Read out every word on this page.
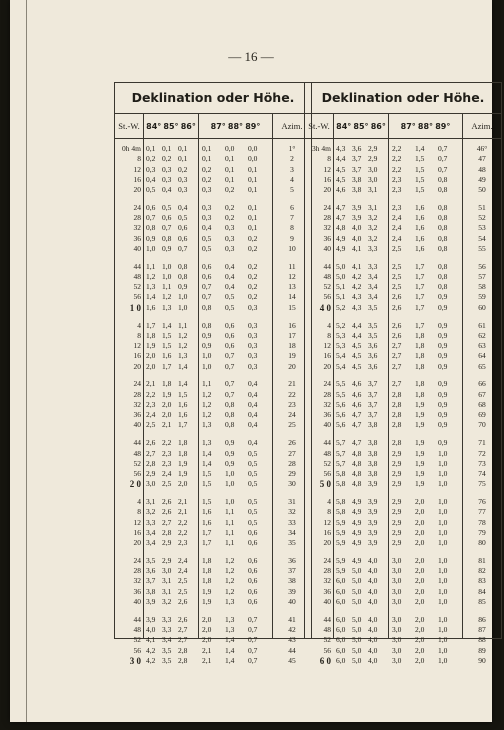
— 16 —
Deklination oder Höhe.
St.-W. 84° 85° 86°	87° 88° 89°	Azim.
0h 4m 0,1 0,1 0,1	0,1	0,0	0,0	1°
8 0,2 0,2 0,1	0,1	0,1	0,0	2
12 0,3 0,3 0,2	0,2	0,1	0,1	3
16 0,4 0,3 0,3	0,2	0,1	0,1	4
20 0,5 0,4 0,3	0,3	0,2	0,1	5
24 0,6 0,5 0,4	0,3	0,2	0,1	6
28 0,7 0,6 0,5	0,3	0,2	0,1	7
32 0,8 0,7 0,6	0,4	0,3	0,1	8
36 0,9 0,8 0,6	0,5	0,3	0,2	9
40 1,0 0,9 0,7	0,5	0,3	0,2	10
44 1,1 1,0 0,8	0,6	0,4	0,2	11
48 1,2 1,0 0,8	0,6	0,4	0,2	12
52 1,3 1,1 0,9	0,7	0,4	0,2	13
56 1,4 1,2 1,0	0,7	0,5	0,2	14
1 0 1,6 1,3 1,0	0,8	0,5	0,3	15
4 1,7 1,4 1,1	0,8	0,6	0,3	16
8 1,8 1,5 1,2	0,9	0,6	0,3	17
12 1,9 1,5 1,2	0,9	0,6	0,3	18
16 2,0 1,6 1,3	1,0	0,7	0,3	19
20 2,0 1,7 1,4	1,0	0,7	0,3	20
24 2,1 1,8 1,4	1,1	0,7	0,4	21
28 2,2 1,9 1,5	1,2	0,7	0,4	22
32 2,3 2,0 1,6	1,2	0,8	0,4	23
36 2,4 2,0 1,6	1,2	0,8	0,4	24
40 2,5 2,1 1,7	1,3	0,8	0,4	25
44 2,6 2,2 1,8	1,3	0,9	0,4	26
48 2,7 2,3 1,8	1,4	0,9	0,5	27
52 2,8 2,3 1,9	1,4	0,9	0,5	28
56 2,9 2,4 1,9	1,5	1,0	0,5	29
2 0 3,0 2,5 2,0	1,5	1,0	0,5	30
4 3,1 2,6 2,1	1,5	1,0	0,5	31
8 3,2 2,6 2,1	1,6	1,1	0,5	32
12 3,3 2,7 2,2	1,6	1,1	0,5	33
16 3,4 2,8 2,2	1,7	1,1	0,6	34
20 3,4 2,9 2,3	1,7	1,1	0,6	35
24 3,5 2,9 2,4	1,8	1,2	0,6	36
28 3,6 3,0 2,4	1,8	1,2	0,6	37
32 3,7 3,1 2,5	1,8	1,2	0,6	38
36 3,8 3,1 2,5	1,9	1,2	0,6	39
40 3,9 3,2 2,6	1,9	1,3	0,6	40
44 3,9 3,3 2,6	2,0	1,3	0,7	41
48 4,0 3,3 2,7	2,0	1,3	0,7	42
52 4,1 3,4 2,7	2,0	1,4	0,7	43
56 4,2 3,5 2,8	2,1	1,4	0,7	44
3 0 4,2 3,5 2,8	2,1	1,4	0,7	45
Deklination oder Höhe.
St.-W. 84° 85° 86°	87° 88° 89°	Azim.
3h 4m 4,3 3,6 2,9	2,2	1,4	0,7	46°
8 4,4 3,7 2,9	2,2	1,5	0,7	47
12 4,5 3,7 3,0	2,2	1,5	0,7	48
16 4,5 3,8 3,0	2,3	1,5	0,8	49
20 4,6 3,8 3,1	2,3	1,5	0,8	50
24 4,7 3,9 3,1	2,3	1,6	0,8	51
28 4,7 3,9 3,2	2,4	1,6	0,8	52
32 4,8 4,0 3,2	2,4	1,6	0,8	53
36 4,9 4,0 3,2	2,4	1,6	0,8	54
40 4,9 4,1 3,3	2,5	1,6	0,8	55
44 5,0 4,1 3,3	2,5	1,7	0,8	56
48 5,0 4,2 3,4	2,5	1,7	0,8	57
52 5,1 4,2 3,4	2,5	1,7	0,8	58
56 5,1 4,3 3,4	2,6	1,7	0,9	59
4 0 5,2 4,3 3,5	2,6	1,7	0,9	60
4 5,2 4,4 3,5	2,6	1,7	0,9	61
8 5,3 4,4 3,5	2,6	1,8	0,9	62
12 5,3 4,5 3,6	2,7	1,8	0,9	63
16 5,4 4,5 3,6	2,7	1,8	0,9	64
20 5,4 4,5 3,6	2,7	1,8	0,9	65
24 5,5 4,6 3,7	2,7	1,8	0,9	66
28 5,5 4,6 3,7	2,8	1,8	0,9	67
32 5,6 4,6 3,7	2,8	1,9	0,9	68
36 5,6 4,7 3,7	2,8	1,9	0,9	69
40 5,6 4,7 3,8	2,8	1,9	0,9	70
44 5,7 4,7 3,8	2,8	1,9	0,9	71
48 5,7 4,8 3,8	2,9	1,9	1,0	72
52 5,7 4,8 3,8	2,9	1,9	1,0	73
56 5,8 4,8 3,8	2,9	1,9	1,0	74
5 0 5,8 4,8 3,9	2,9	1,9	1,0	75
4 5,8 4,9 3,9	2,9	2,0	1,0	76
8 5,8 4,9 3,9	2,9	2,0	1,0	77
12 5,9 4,9 3,9	2,9	2,0	1,0	78
16 5,9 4,9 3,9	2,9	2,0	1,0	79
20 5,9 4,9 3,9	2,9	2,0	1,0	80
24 5,9 4,9 4,0	3,0	2,0	1,0	81
28 5,9 5,0 4,0	3,0	2,0	1,0	82
32 6,0 5,0 4,0	3,0	2,0	1,0	83
36 6,0 5,0 4,0	3,0	2,0	1,0	84
40 6,0 5,0 4,0	3,0	2,0	1,0	85
44 6,0 5,0 4,0	3,0	2,0	1,0	86
48 6,0 5,0 4,0	3,0	2,0	1,0	87
52 6,0 5,0 4,0	3,0	2,0	1,0	88
56 6,0 5,0 4,0	3,0	2,0	1,0	89
6 0 6,0 5,0 4,0	3,0	2,0	1,0	90
